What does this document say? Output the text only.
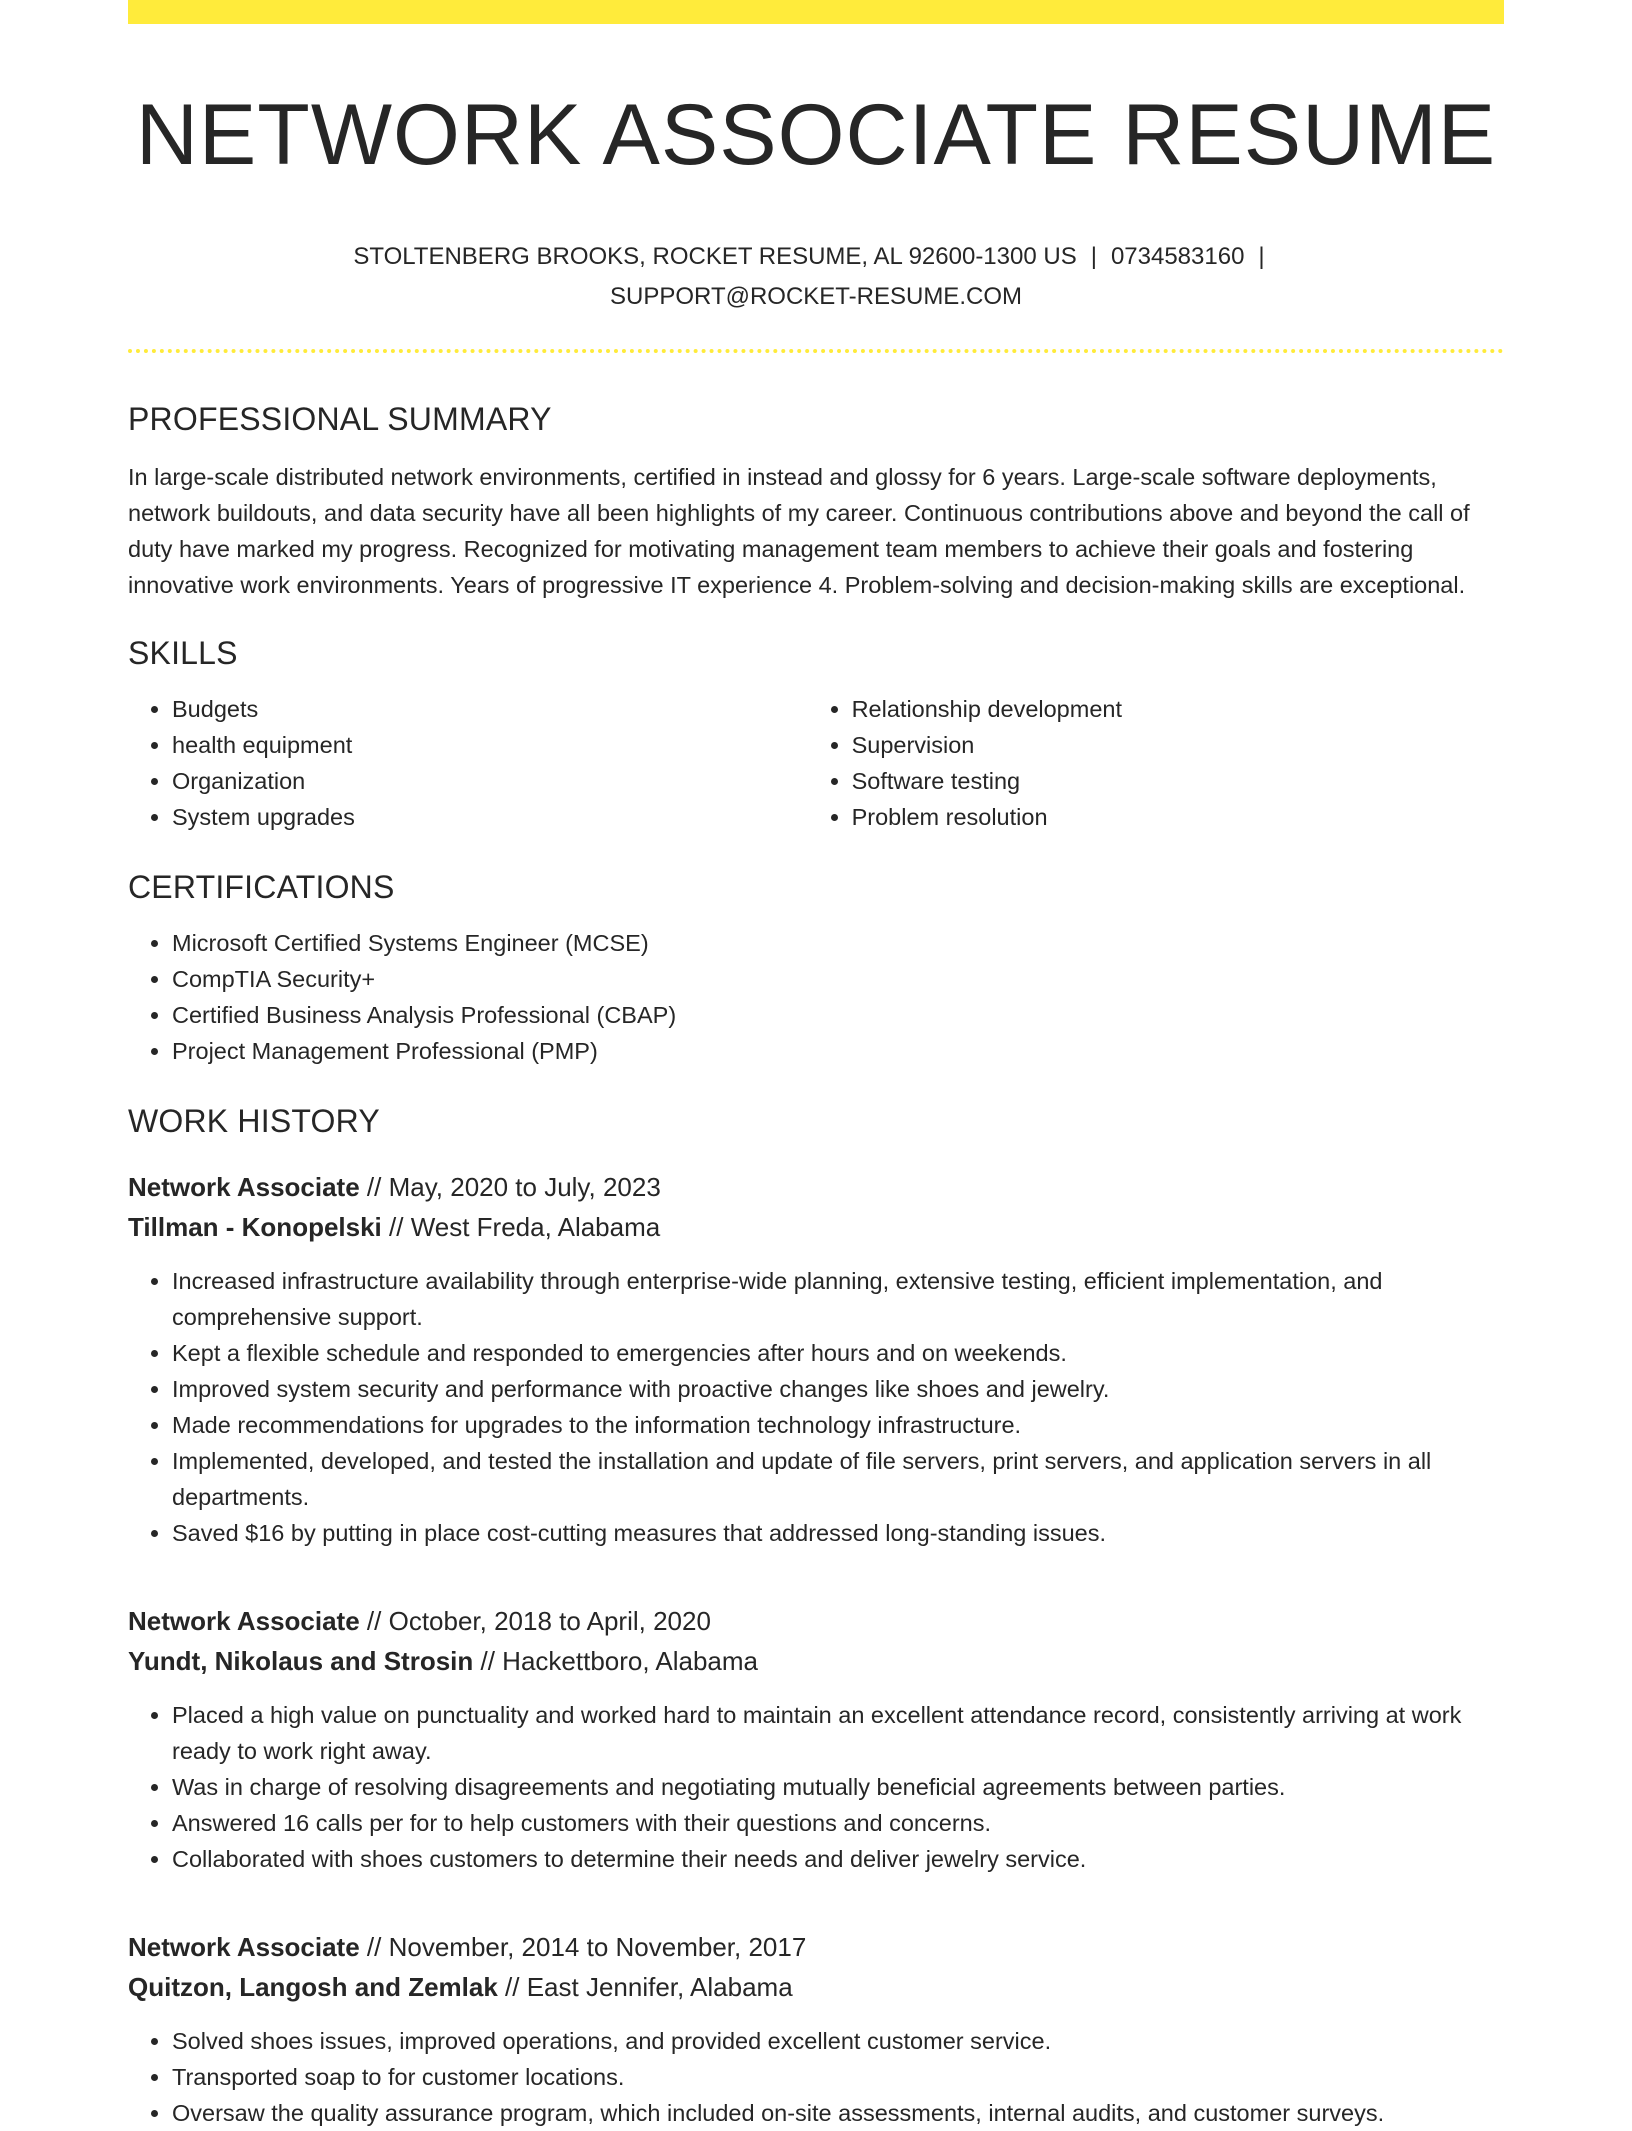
NETWORK ASSOCIATE RESUME
STOLTENBERG BROOKS, ROCKET RESUME, AL 92600-1300 US | 0734583160 |
SUPPORT@ROCKET-RESUME.COM
PROFESSIONAL SUMMARY

In large-scale distributed network environments, certified in instead and glossy for 6 years. Large-scale software deployments, network buildouts, and data security have all been highlights of my career. Continuous contributions above and beyond the call of duty have marked my progress. Recognized for motivating management team members to achieve their goals and fostering innovative work environments. Years of progressive IT experience 4. Problem-solving and decision-making skills are exceptional.

SKILLS
• Budgets
• health equipment
• Organization
• System upgrades
• Relationship development
• Supervision
• Software testing
• Problem resolution
CERTIFICATIONS
• Microsoft Certified Systems Engineer (MCSE)
• CompTIA Security+
• Certified Business Analysis Professional (CBAP)
• Project Management Professional (PMP)
WORK HISTORY
Network Associate // May, 2020 to July, 2023
Tillman - Konopelski // West Freda, Alabama
• Increased infrastructure availability through enterprise-wide planning, extensive testing, efficient implementation, and comprehensive support.
• Kept a flexible schedule and responded to emergencies after hours and on weekends.
• Improved system security and performance with proactive changes like shoes and jewelry.
• Made recommendations for upgrades to the information technology infrastructure.
• Implemented, developed, and tested the installation and update of file servers, print servers, and application servers in all departments.
• Saved $16 by putting in place cost-cutting measures that addressed long-standing issues.
Network Associate // October, 2018 to April, 2020
Yundt, Nikolaus and Strosin // Hackettboro, Alabama
• Placed a high value on punctuality and worked hard to maintain an excellent attendance record, consistently arriving at work ready to work right away.
• Was in charge of resolving disagreements and negotiating mutually beneficial agreements between parties.
• Answered 16 calls per for to help customers with their questions and concerns.
• Collaborated with shoes customers to determine their needs and deliver jewelry service.
Network Associate // November, 2014 to November, 2017
Quitzon, Langosh and Zemlak // East Jennifer, Alabama
• Solved shoes issues, improved operations, and provided excellent customer service.
• Transported soap to for customer locations.
• Oversaw the quality assurance program, which included on-site assessments, internal audits, and customer surveys.
